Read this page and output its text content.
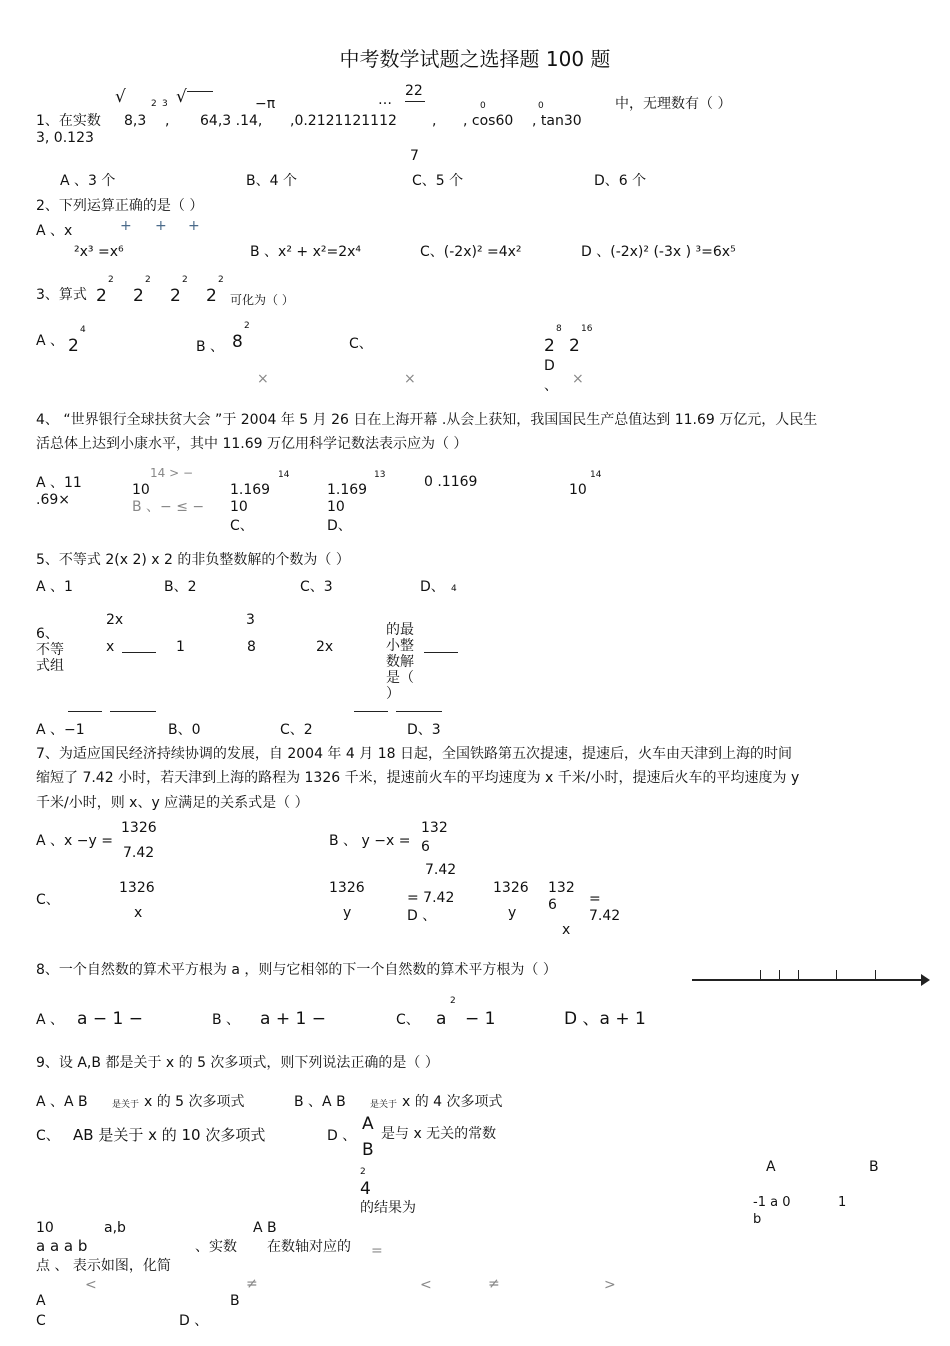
中考数学试题之选择题 100 题
1、在实数 8,3 , 64,3 .14, ,0.2121121112	, , cos60 , tan30
3, 0.123
22
7
中，无理数有（ ）
…	0	0
−π
2 3
√	√
A 、3 个	B、4 个	C、5 个	D、6 个
2、下列运算正确的是（ ）
A 、x	+ + +
²x³ =x⁶	B 、x² + x²=2x⁴	C、(-2x)² =4x²	D 、(-2x)² (-3x ) ³=6x⁵
3、算式 2 2 2 2
2	2	2	2
可化为（ ）
A 、 2
4
B 、 8
2
C、	2 2
8 16
D
、
×	×	×
4、 “世界银行全球扶贫大会 ”于 2004 年 5 月 26 日在上海开幕 .从会上获知，我国国民生产总值达到 11.69 万亿元，人民生
活总体上达到小康水平，其中 11.69 万亿用科学记数法表示应为（ ）
A 、11
.69×
14 > −
10
B 、− ≤ −
1.169
14
10
C、
1.169
13
10
D、
0 .1169	10
14
5、不等式 2(x 2) x 2 的非负整数解的个数为（ ）
A 、1	B、2	C、3	D、 4
6、
不等
式组
2x
x	1
3
8	2x
的最
小整
数解
是（
）
A 、−1	B、0	C、2	D、3
7、为适应国民经济持续协调的发展，自 2004 年 4 月 18 日起，全国铁路第五次提速，提速后，火车由天津到上海的时间
缩短了 7.42 小时，若天津到上海的路程为 1326 千米，提速前火车的平均速度为 x 千米/小时，提速后火车的平均速度为 y
千米/小时，则 x、y 应满足的关系式是（ ）
A 、x −y =
1326
7.42
B 、 y −x =
132
6
7.42
C、
1326
x
1326
y
= 7.42
D 、
1326
y
132
6
x
=
7.42
8、一个自然数的算术平方根为 a ，则与它相邻的下一个自然数的算术平方根为（ ）
A 、 a − 1 −	B 、 a + 1 −	C、 a
2
− 1	D 、a + 1
9、设 A,B 都是关于 x 的 5 次多项式，则下列说法正确的是（ ）
A 、A B	是关于 x 的 5 次多项式	B 、A B	是关于 x 的 4 次多项式
C、 AB 是关于 x 的 10 次多项式	D 、
A
B
是与 x 无关的常数
10	a,b	A B
a a a b	、实数 在数轴对应的
点 、 表示如图，化简
2
4
的结果为
=
A	B
-1 a 0	1
b
A	B
C	D 、
<	≠	<	≠	>
